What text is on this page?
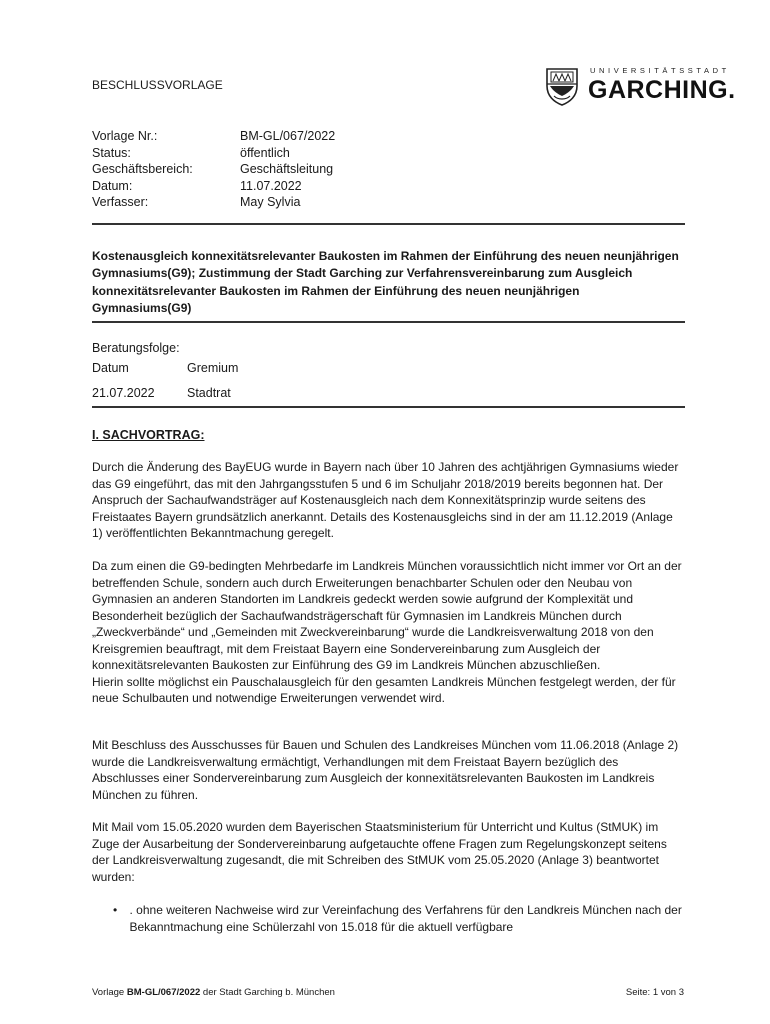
BESCHLUSSVORLAGE
UNIVERSITÄTSSTADT
GARCHING.
Vorlage Nr.:	BM-GL/067/2022
Status:	öffentlich
Geschäftsbereich:	Geschäftsleitung
Datum:	11.07.2022
Verfasser:	May Sylvia
Kostenausgleich konnexitätsrelevanter Baukosten im Rahmen der Einführung des neuen neunjährigen Gymnasiums(G9); Zustimmung der Stadt Garching zur Verfahrensvereinbarung zum Ausgleich konnexitätsrelevanter Baukosten im Rahmen der Einführung des neuen neunjährigen Gymnasiums(G9)
Beratungsfolge:
Datum	Gremium
21.07.2022	Stadtrat
I. SACHVORTRAG:

Durch die Änderung des BayEUG wurde in Bayern nach über 10 Jahren des achtjährigen Gymnasiums wieder das G9 eingeführt, das mit den Jahrgangsstufen 5 und 6 im Schuljahr 2018/2019 bereits begonnen hat. Der Anspruch der Sachaufwandsträger auf Kostenausgleich nach dem Konnexitätsprinzip wurde seitens des Freistaates Bayern grundsätzlich anerkannt. Details des Kostenausgleichs sind in der am 11.12.2019 (Anlage 1) veröffentlichten Bekanntmachung geregelt.

Da zum einen die G9-bedingten Mehrbedarfe im Landkreis München voraussichtlich nicht immer vor Ort an der betreffenden Schule, sondern auch durch Erweiterungen benachbarter Schulen oder den Neubau von Gymnasien an anderen Standorten im Landkreis gedeckt werden sowie aufgrund der Komplexität und Besonderheit bezüglich der Sachaufwandsträgerschaft für Gymnasien im Landkreis München durch „Zweckverbände“ und „Gemeinden mit Zweckvereinbarung“ wurde die Landkreisverwaltung 2018 von den Kreisgremien beauftragt, mit dem Freistaat Bayern eine Sondervereinbarung zum Ausgleich der konnexitätsrelevanten Baukosten zur Einführung des G9 im Landkreis München abzuschließen.

Hierin sollte möglichst ein Pauschalausgleich für den gesamten Landkreis München festgelegt werden, der für neue Schulbauten und notwendige Erweiterungen verwendet wird.

Mit Beschluss des Ausschusses für Bauen und Schulen des Landkreises München vom 11.06.2018 (Anlage 2) wurde die Landkreisverwaltung ermächtigt, Verhandlungen mit dem Freistaat Bayern bezüglich des Abschlusses einer Sondervereinbarung zum Ausgleich der konnexitätsrelevanten Baukosten im Landkreis München zu führen.

Mit Mail vom 15.05.2020 wurden dem Bayerischen Staatsministerium für Unterricht und Kultus (StMUK) im Zuge der Ausarbeitung der Sondervereinbarung aufgetauchte offene Fragen zum Regelungskonzept seitens der Landkreisverwaltung zugesandt, die mit Schreiben des StMUK vom 25.05.2020 (Anlage 3) beantwortet wurden:

•	. ohne weiteren Nachweise wird zur Vereinfachung des Verfahrens für den Landkreis München nach der Bekanntmachung eine Schülerzahl von 15.018 für die aktuell verfügbare
Vorlage BM-GL/067/2022 der Stadt Garching b. München	Seite: 1 von 3
